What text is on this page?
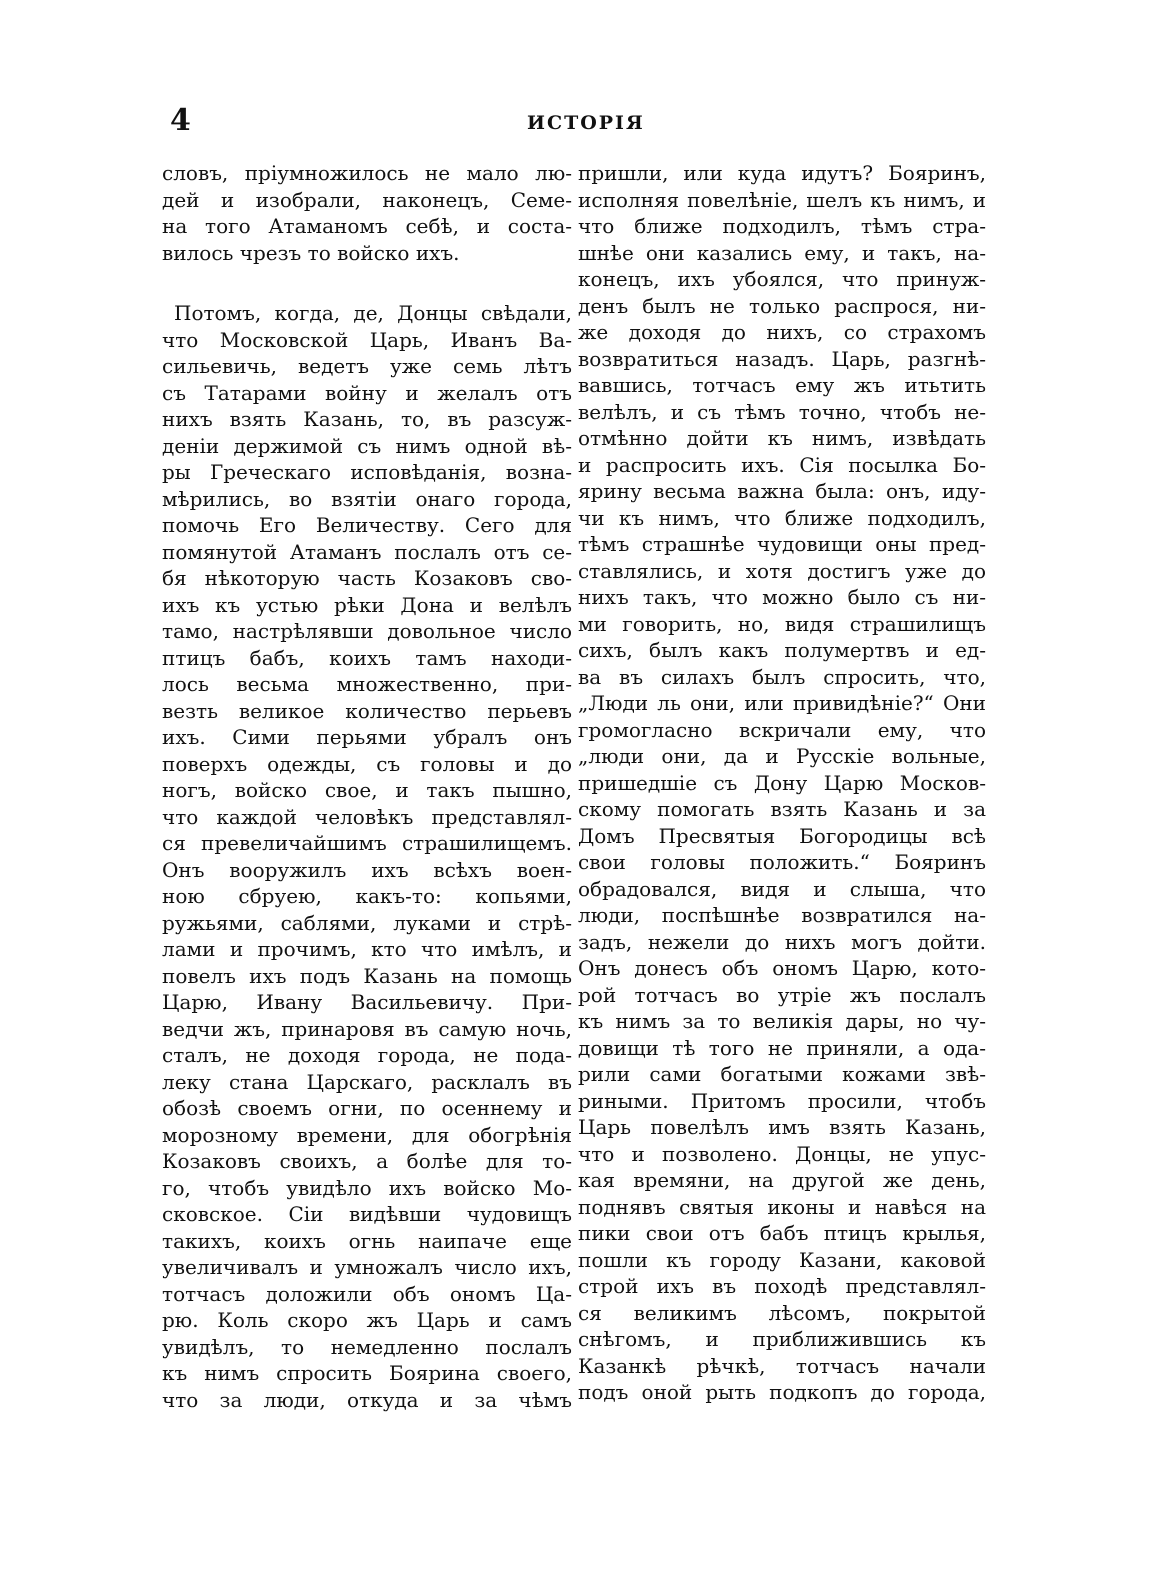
4	ИСТОРІЯ
словъ, пріумножилось не мало лю-
дей и изобрали, наконецъ, Семе-
на того Атаманомъ себѣ, и соста-
вилось чрезъ то войско ихъ.
Потомъ, когда, де, Донцы свѣдали,
что Московской Царь, Иванъ Ва-
сильевичь, ведетъ уже семь лѣтъ
съ Татарами войну и желалъ отъ
нихъ взять Казань, то, въ разсуж-
деніи держимой съ нимъ одной вѣ-
ры Греческаго исповѣданія, возна-
мѣрились, во взятіи онаго города,
помочь Его Величеству. Сего для
помянутой Атаманъ послалъ отъ се-
бя нѣкоторую часть Козаковъ сво-
ихъ къ устью рѣки Дона и велѣлъ
тамо, настрѣлявши довольное число
птицъ бабъ, коихъ тамъ находи-
лось весьма множественно, при-
везть великое количество перьевъ
ихъ. Сими перьями убралъ онъ
поверхъ одежды, съ головы и до
ногъ, войско свое, и такъ пышно,
что каждой человѣкъ представлял-
ся превеличайшимъ страшилищемъ.
Онъ вооружилъ ихъ всѣхъ воен-
ною сбруею, какъ-то: копьями,
ружьями, саблями, луками и стрѣ-
лами и прочимъ, кто что имѣлъ, и
повелъ ихъ подъ Казань на помощь
Царю, Ивану Васильевичу. При-
ведчи жъ, принаровя въ самую ночь,
сталъ, не доходя города, не пода-
леку стана Царскаго, расклалъ въ
обозѣ своемъ огни, по осеннему и
морозному времени, для обогрѣнія
Козаковъ своихъ, а болѣе для то-
го, чтобъ увидѣло ихъ войско Мо-
сковское. Сіи видѣвши чудовищъ
такихъ, коихъ огнь наипаче еще
увеличивалъ и умножалъ число ихъ,
тотчасъ доложили объ ономъ Ца-
рю. Коль скоро жъ Царь и самъ
увидѣлъ, то немедленно послалъ
къ нимъ спросить Боярина своего,
что за люди, откуда и за чѣмъ
пришли, или куда идутъ? Бояринъ,
исполняя повелѣніе, шелъ къ нимъ, и
что ближе подходилъ, тѣмъ стра-
шнѣе они казались ему, и такъ, на-
конецъ, ихъ убоялся, что принуж-
денъ былъ не только распрося, ни-
же доходя до нихъ, со страхомъ
возвратиться назадъ. Царь, разгнѣ-
вавшись, тотчасъ ему жъ итьтить
велѣлъ, и съ тѣмъ точно, чтобъ не-
отмѣнно дойти къ нимъ, извѣдать
и распросить ихъ. Сія посылка Бо-
ярину весьма важна была: онъ, иду-
чи къ нимъ, что ближе подходилъ,
тѣмъ страшнѣе чудовищи оны пред-
ставлялись, и хотя достигъ уже до
нихъ такъ, что можно было съ ни-
ми говорить, но, видя страшилищъ
сихъ, былъ какъ полумертвъ и ед-
ва въ силахъ былъ спросить, что,
„Люди ль они, или привидѣніе?“ Они
громогласно вскричали ему, что
„люди они, да и Русскіе вольные,
пришедшіе съ Дону Царю Москов-
скому помогать взять Казань и за
Домъ Пресвятыя Богородицы всѣ
свои головы положить.“ Бояринъ
обрадовался, видя и слыша, что
люди, поспѣшнѣе возвратился на-
задъ, нежели до нихъ могъ дойти.
Онъ донесъ объ ономъ Царю, кото-
рой тотчасъ во утріе жъ послалъ
къ нимъ за то великія дары, но чу-
довищи тѣ того не приняли, а ода-
рили сами богатыми кожами звѣ-
риными. Притомъ просили, чтобъ
Царь повелѣлъ имъ взять Казань,
что и позволено. Донцы, не упус-
кая времяни, на другой же день,
поднявъ святыя иконы и навѣся на
пики свои отъ бабъ птицъ крылья,
пошли къ городу Казани, каковой
строй ихъ въ походѣ представлял-
ся великимъ лѣсомъ, покрытой
снѣгомъ, и приближившись къ
Казанкѣ рѣчкѣ, тотчасъ начали
подъ оной рыть подкопъ до города,
